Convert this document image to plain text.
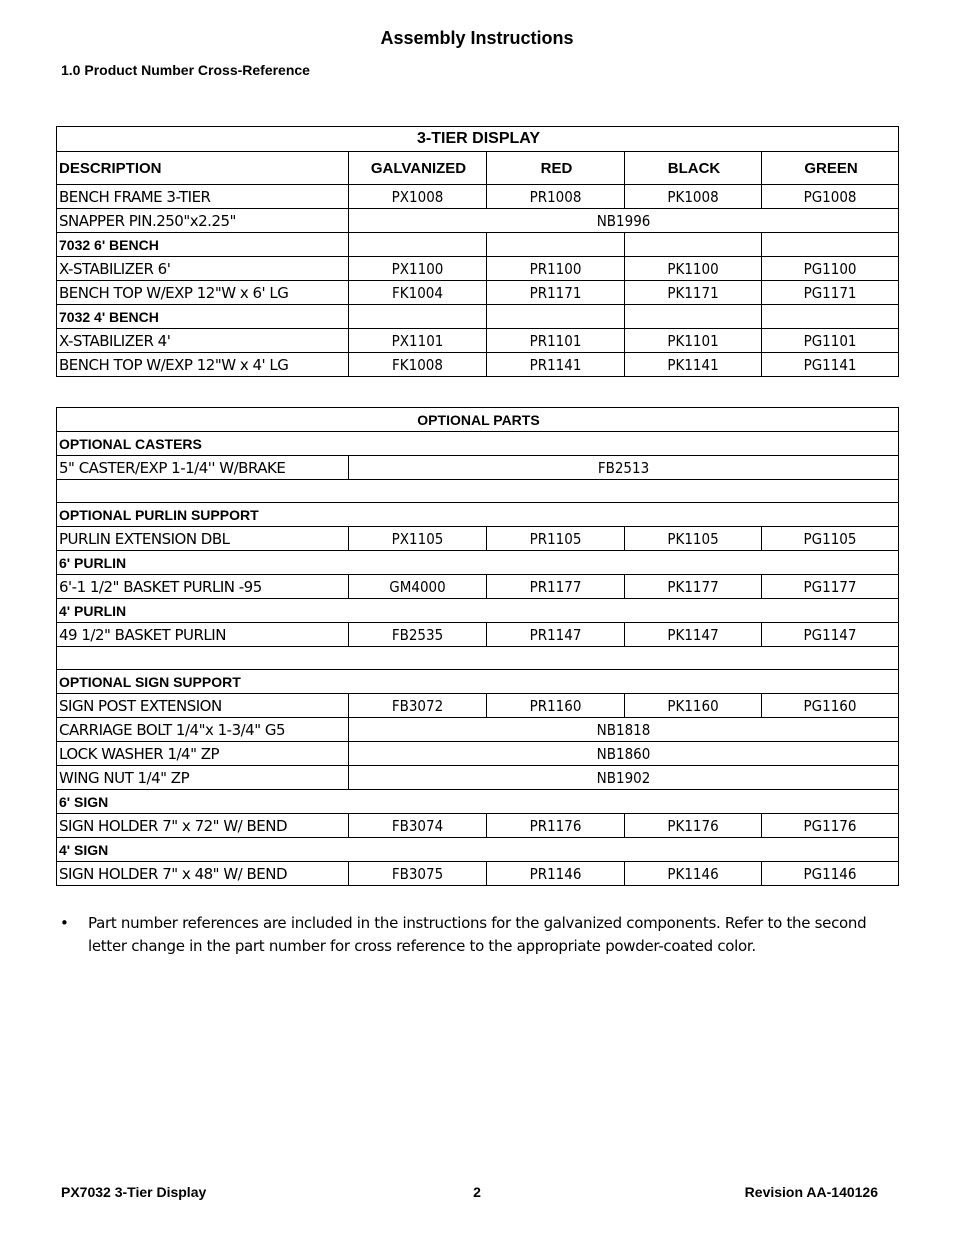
Assembly Instructions
1.0 Product Number Cross-Reference
3-TIER DISPLAY				
DESCRIPTION	GALVANIZED	RED	BLACK	GREEN
BENCH FRAME 3-TIER	PX1008	PR1008	PK1008	PG1008
SNAPPER PIN.250"x2.25"	NB1996			
7032 6' BENCH				
X-STABILIZER 6'	PX1100	PR1100	PK1100	PG1100
BENCH TOP W/EXP 12"W x 6' LG	FK1004	PR1171	PK1171	PG1171
7032 4' BENCH				
X-STABILIZER 4'	PX1101	PR1101	PK1101	PG1101
BENCH TOP W/EXP 12"W x 4' LG	FK1008	PR1141	PK1141	PG1141
OPTIONAL PARTS				
OPTIONAL CASTERS				
5" CASTER/EXP 1-1/4'' W/BRAKE	FB2513			

OPTIONAL PURLIN SUPPORT				
PURLIN EXTENSION DBL	PX1105	PR1105	PK1105	PG1105
6' PURLIN				
6'-1 1/2" BASKET PURLIN -95	GM4000	PR1177	PK1177	PG1177
4' PURLIN				
49 1/2" BASKET PURLIN	FB2535	PR1147	PK1147	PG1147

OPTIONAL SIGN SUPPORT				
SIGN POST EXTENSION	FB3072	PR1160	PK1160	PG1160
CARRIAGE BOLT 1/4"x 1-3/4" G5	NB1818			
LOCK WASHER 1/4" ZP	NB1860			
WING NUT 1/4" ZP	NB1902			
6' SIGN				
SIGN HOLDER 7" x 72" W/ BEND	FB3074	PR1176	PK1176	PG1176
4' SIGN				
SIGN HOLDER 7" x 48" W/ BEND	FB3075	PR1146	PK1146	PG1146
• Part number references are included in the instructions for the galvanized components. Refer to the second letter change in the part number for cross reference to the appropriate powder-coated color.
PX7032 3-Tier Display	2	Revision AA-140126
